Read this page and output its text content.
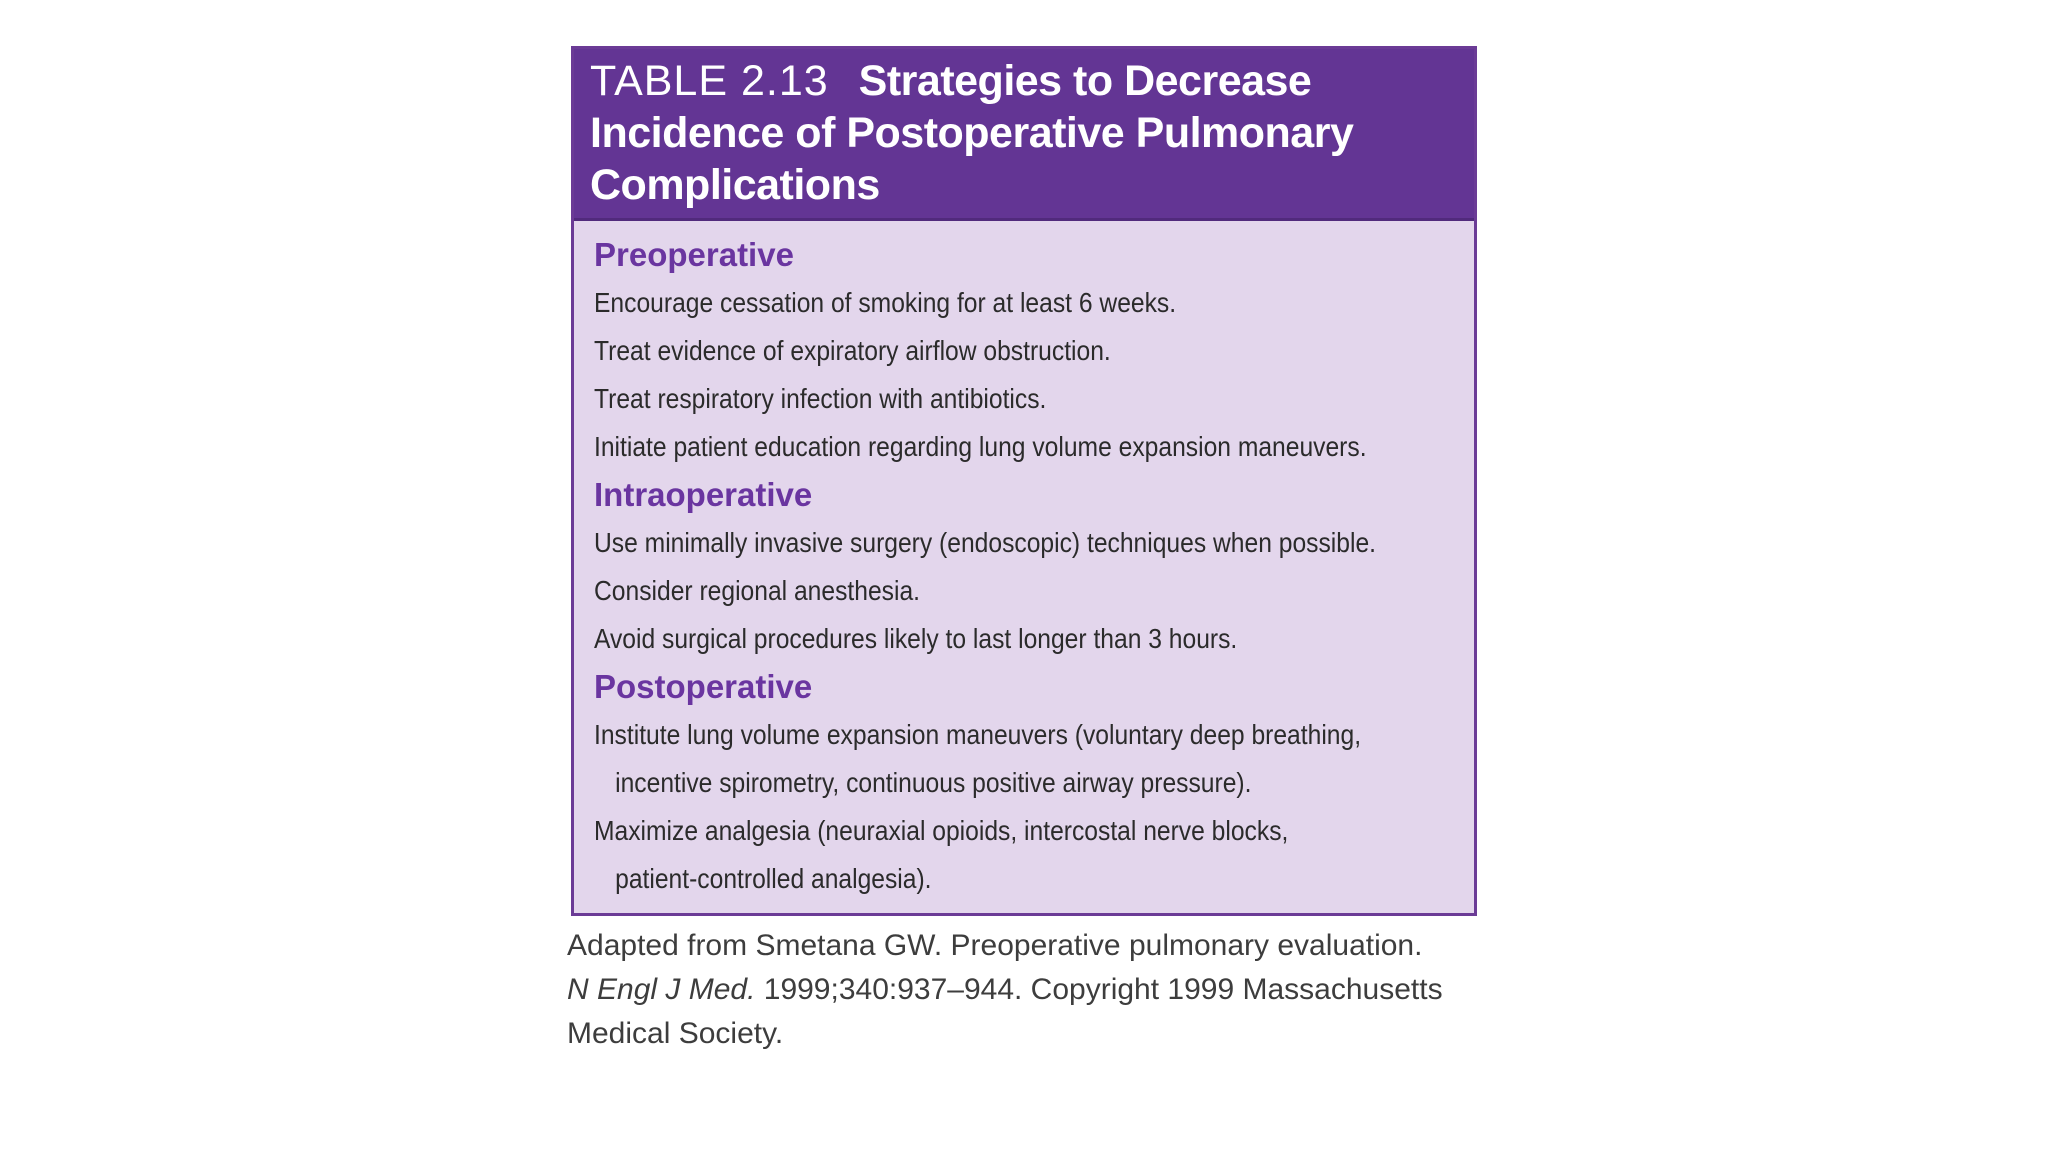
TABLE 2.13 Strategies to Decrease
Incidence of Postoperative Pulmonary
Complications
Preoperative
Encourage cessation of smoking for at least 6 weeks.
Treat evidence of expiratory airflow obstruction.
Treat respiratory infection with antibiotics.
Initiate patient education regarding lung volume expansion maneuvers.
Intraoperative
Use minimally invasive surgery (endoscopic) techniques when possible.
Consider regional anesthesia.
Avoid surgical procedures likely to last longer than 3 hours.
Postoperative
Institute lung volume expansion maneuvers (voluntary deep breathing,
incentive spirometry, continuous positive airway pressure).
Maximize analgesia (neuraxial opioids, intercostal nerve blocks,
patient-controlled analgesia).
Adapted from Smetana GW. Preoperative pulmonary evaluation.
N Engl J Med. 1999;340:937–944. Copyright 1999 Massachusetts
Medical Society.
